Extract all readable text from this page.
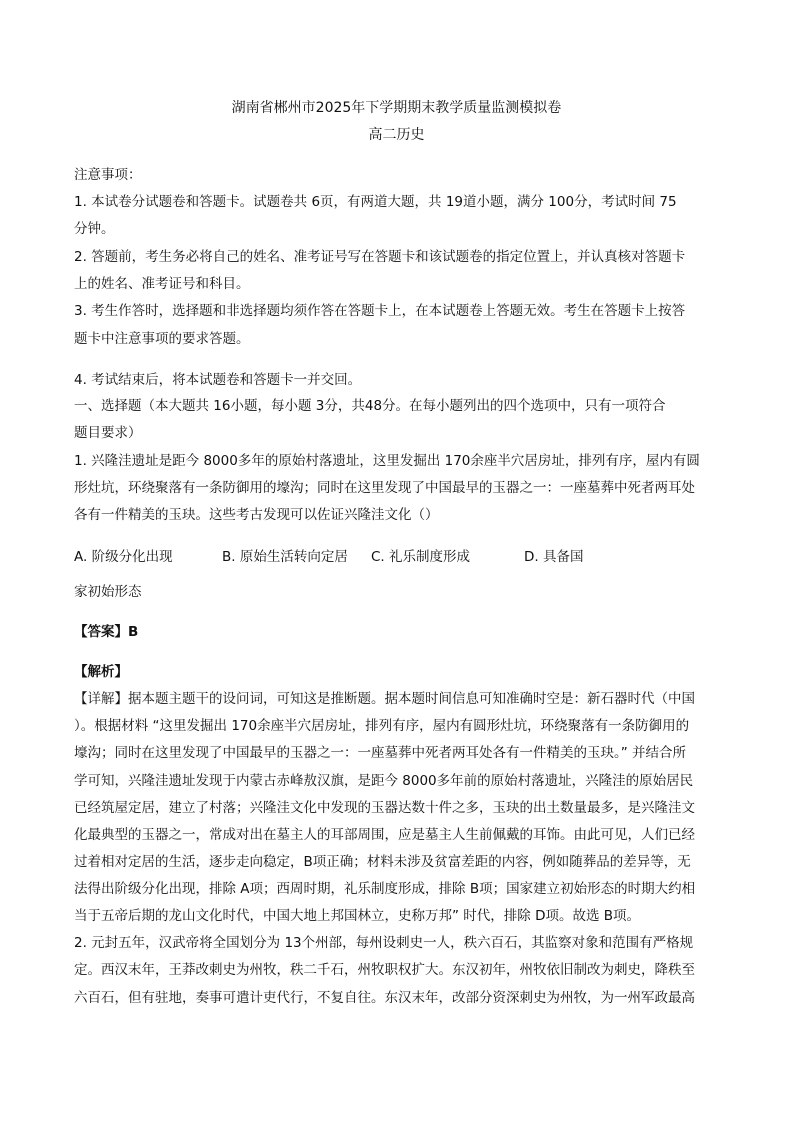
湖南省郴州市2025年下学期期末教学质量监测模拟卷
高二历史
注意事项：
1. 本试卷分试题卷和答题卡。试题卷共 6页，有两道大题，共 19道小题，满分 100分，考试时间 75
分钟。
2. 答题前，考生务必将自己的姓名、准考证号写在答题卡和该试题卷的指定位置上，并认真核对答题卡
上的姓名、准考证号和科目。
3. 考生作答时，选择题和非选择题均须作答在答题卡上，在本试题卷上答题无效。考生在答题卡上按答
题卡中注意事项的要求答题。
4. 考试结束后，将本试题卷和答题卡一并交回。
一、选择题（本大题共 16小题，每小题 3分，共48分。在每小题列出的四个选项中，只有一项符合
题目要求）
1. 兴隆洼遗址是距今 8000多年的原始村落遗址，这里发掘出 170余座半穴居房址，排列有序，屋内有圆
形灶坑，环绕聚落有一条防御用的壕沟；同时在这里发现了中国最早的玉器之一：一座墓葬中死者两耳处
各有一件精美的玉玦。这些考古发现可以佐证兴隆洼文化（）
A. 阶级分化出现	B. 原始生活转向定居 C. 礼乐制度形成	D. 具备国
家初始形态
【答案】B
【解析】
【详解】据本题主题干的设问词，可知这是推断题。据本题时间信息可知准确时空是：新石器时代（中国
）。根据材料 “这里发掘出 170余座半穴居房址，排列有序，屋内有圆形灶坑，环绕聚落有一条防御用的
壕沟；同时在这里发现了中国最早的玉器之一：一座墓葬中死者两耳处各有一件精美的玉玦。” 并结合所
学可知，兴隆洼遗址发现于内蒙古赤峰敖汉旗，是距今 8000多年前的原始村落遗址，兴隆洼的原始居民
已经筑屋定居，建立了村落；兴隆洼文化中发现的玉器达数十件之多，玉玦的出土数量最多，是兴隆洼文
化最典型的玉器之一，常成对出在墓主人的耳部周围，应是墓主人生前佩戴的耳饰。由此可见，人们已经
过着相对定居的生活，逐步走向稳定，B项正确；材料未涉及贫富差距的内容，例如随葬品的差异等，无
法得出阶级分化出现，排除 A项；西周时期，礼乐制度形成，排除 B项；国家建立初始形态的时期大约相
当于五帝后期的龙山文化时代，中国大地上邦国林立，史称万邦” 时代，排除 D项。故选 B项。
2. 元封五年，汉武帝将全国划分为 13个州部，每州设刺史一人，秩六百石，其监察对象和范围有严格规
定。西汉末年，王莽改刺史为州牧，秩二千石，州牧职权扩大。东汉初年，州牧依旧制改为刺史，降秩至
六百石，但有驻地，奏事可遣计吏代行，不复自往。东汉末年，改部分资深刺史为州牧，为一州军政最高
